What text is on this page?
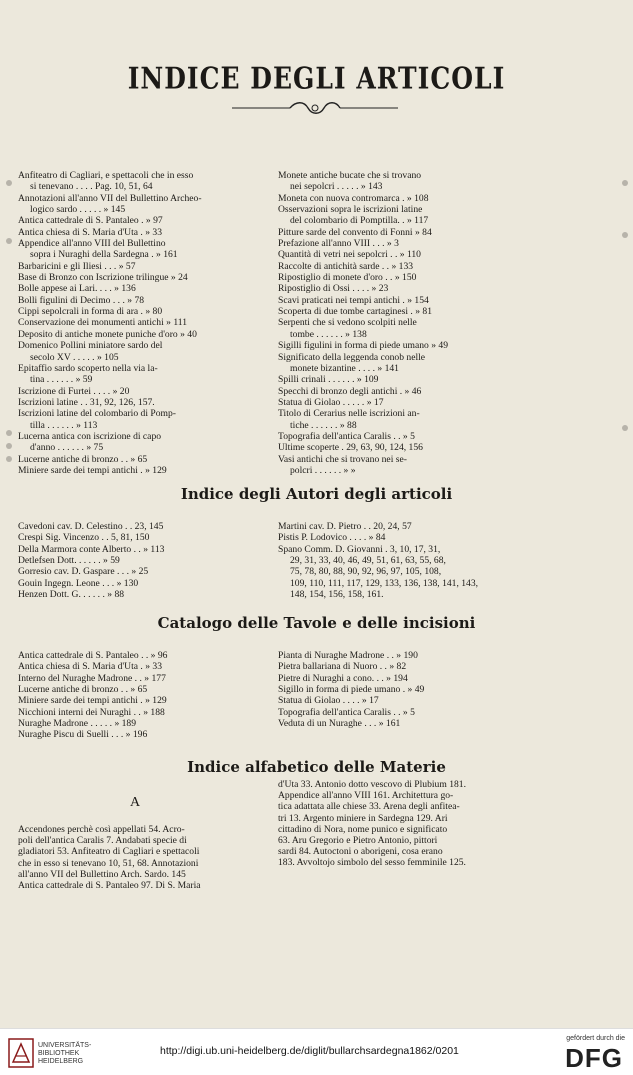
INDICE DEGLI ARTICOLI
Anfiteatro di Cagliari, e spettacoli che in esso
si tenevano . . . . Pag. 10, 51, 64
Annotazioni all'anno VII del Bullettino Archeo-
logico sardo . . . . . » 145
Antica cattedrale di S. Pantaleo . » 97
Antica chiesa di S. Maria d'Uta . » 33
Appendice all'anno VIII del Bullettino
sopra i Nuraghi della Sardegna . » 161
Barbaricini e gli Iliesi . . . » 57
Base di Bronzo con Iscrizione trilingue » 24
Bolle appese ai Lari. . . . » 136
Bolli figulini di Decimo . . . » 78
Cippi sepolcrali in forma di ara . » 80
Conservazione dei monumenti antichi » 111
Deposito di antiche monete puniche d'oro » 40
Domenico Pollini miniatore sardo del
secolo XV . . . . . » 105
Epitaffio sardo scoperto nella via la-
tina . . . . . . » 59
Iscrizione di Furtei . . . . » 20
Iscrizioni latine . . 31, 92, 126, 157.
Iscrizioni latine del colombario di Pomp-
tilla . . . . . . » 113
Lucerna antica con iscrizione di capo
d'anno . . . . . . » 75
Lucerne antiche di bronzo . . » 65
Miniere sarde dei tempi antichi . » 129
Monete antiche bucate che si trovano
nei sepolcri . . . . . » 143
Moneta con nuova contromarca . » 108
Osservazioni sopra le iscrizioni latine
del colombario di Pomptilla. . » 117
Pitture sarde del convento di Fonni » 84
Prefazione all'anno VIII . . . » 3
Quantità di vetri nei sepolcri . . » 110
Raccolte di antichità sarde . . » 133
Ripostiglio di monete d'oro . . » 150
Ripostiglio di Ossi . . . . » 23
Scavi praticati nei tempi antichi . » 154
Scoperta di due tombe cartaginesi . » 81
Serpenti che si vedono scolpiti nelle
tombe . . . . . . » 138
Sigilli figulini in forma di piede umano » 49
Significato della leggenda conob nelle
monete bizantine . . . . » 141
Spilli crinali . . . . . . » 109
Specchi di bronzo degli antichi . » 46
Statua di Giolao . . . . . » 17
Titolo di Cerarius nelle iscrizioni an-
tiche . . . . . . » 88
Topografia dell'antica Caralis . . » 5
Ultime scoperte . 29, 63, 90, 124, 156
Vasi antichi che si trovano nei se-
polcri . . . . . . » »
Indice degli Autori degli articoli
Cavedoni cav. D. Celestino . . 23, 145
Crespi Sig. Vincenzo . . 5, 81, 150
Della Marmora conte Alberto . . » 113
Detlefsen Dott. . . . . . » 59
Gorresio cav. D. Gaspare . . . » 25
Gouin Ingegn. Leone . . . » 130
Henzen Dott. G. . . . . . » 88
Martini cav. D. Pietro . . 20, 24, 57
Pistis P. Lodovico . . . . » 84
Spano Comm. D. Giovanni . 3, 10, 17, 31,
29, 31, 33, 40, 46, 49, 51, 61, 63, 55, 68,
75, 78, 80, 88, 90, 92, 96, 97, 105, 108,
109, 110, 111, 117, 129, 133, 136, 138, 141, 143,
148, 154, 156, 158, 161.
Catalogo delle Tavole e delle incisioni
Antica cattedrale di S. Pantaleo . . » 96
Antica chiesa di S. Maria d'Uta . » 33
Interno del Nuraghe Madrone . . » 177
Lucerne antiche di bronzo . . » 65
Miniere sarde dei tempi antichi . » 129
Nicchioni interni dei Nuraghi . . » 188
Nuraghe Madrone . . . . . » 189
Nuraghe Piscu di Suelli . . . » 196
Pianta di Nuraghe Madrone . . » 190
Pietra ballariana di Nuoro . . » 82
Pietre di Nuraghi a cono. . . » 194
Sigillo in forma di piede umano . » 49
Statua di Giolao . . . . » 17
Topografia dell'antica Caralis . . » 5
Veduta di un Nuraghe . . . » 161
Indice alfabetico delle Materie
A
Accendones perchè così appellati 54. Acro-
poli dell'antica Caralis 7. Andabati specie di
gladiatori 53. Anfiteatro di Cagliari e spettacoli
che in esso si tenevano 10, 51, 68. Annotazioni
all'anno VII del Bullettino Arch. Sardo. 145
Antica cattedrale di S. Pantaleo 97. Di S. Maria
d'Uta 33. Antonio dotto vescovo di Plubium 181.
Appendice all'anno VIII 161. Architettura go-
tica adattata alle chiese 33. Arena degli anfitea-
tri 13. Argento miniere in Sardegna 129. Ari
cittadino di Nora, nome punico e significato
63. Aru Gregorio e Pietro Antonio, pittori
sardi 84. Autoctoni o aborigeni, cosa erano
183. Avvoltojo simbolo del sesso femminile 125.
UNIVERSITÄTS-
BIBLIOTHEK
HEIDELBERG
http://digi.ub.uni-heidelberg.de/diglit/bullarchsardegna1862/0201
gefördert durch die
DFG
